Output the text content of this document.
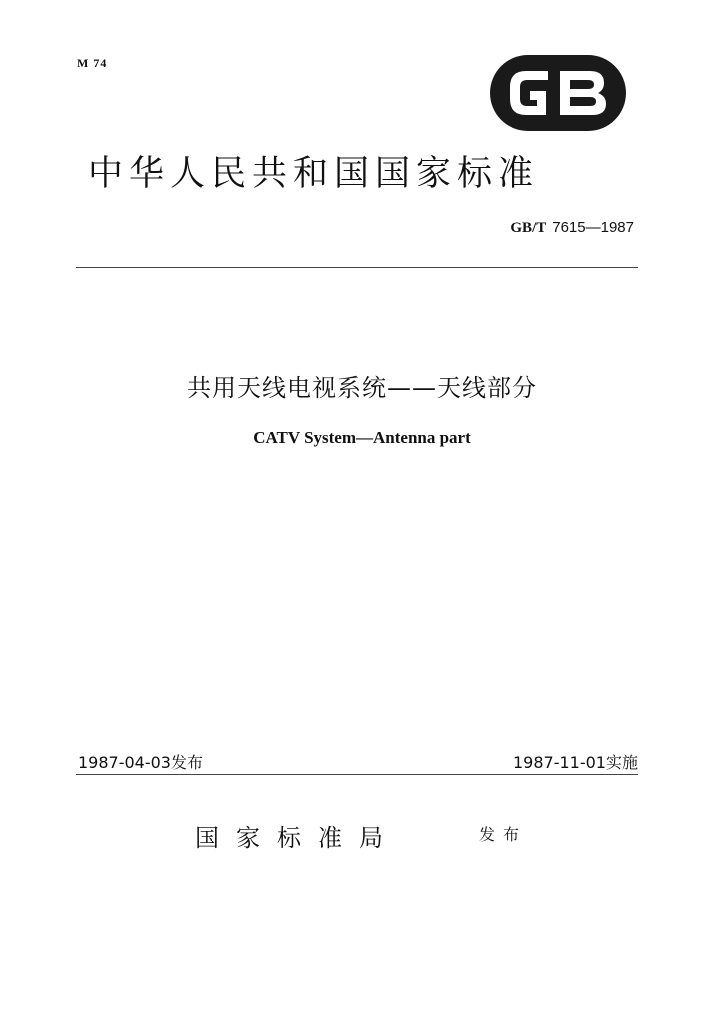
M 74
中华人民共和国国家标准
GB/T 7615—1987
共用天线电视系统——天线部分
CATV System—Antenna part
1987-04-03发布	1987-11-01实施
国家标准局	发布
